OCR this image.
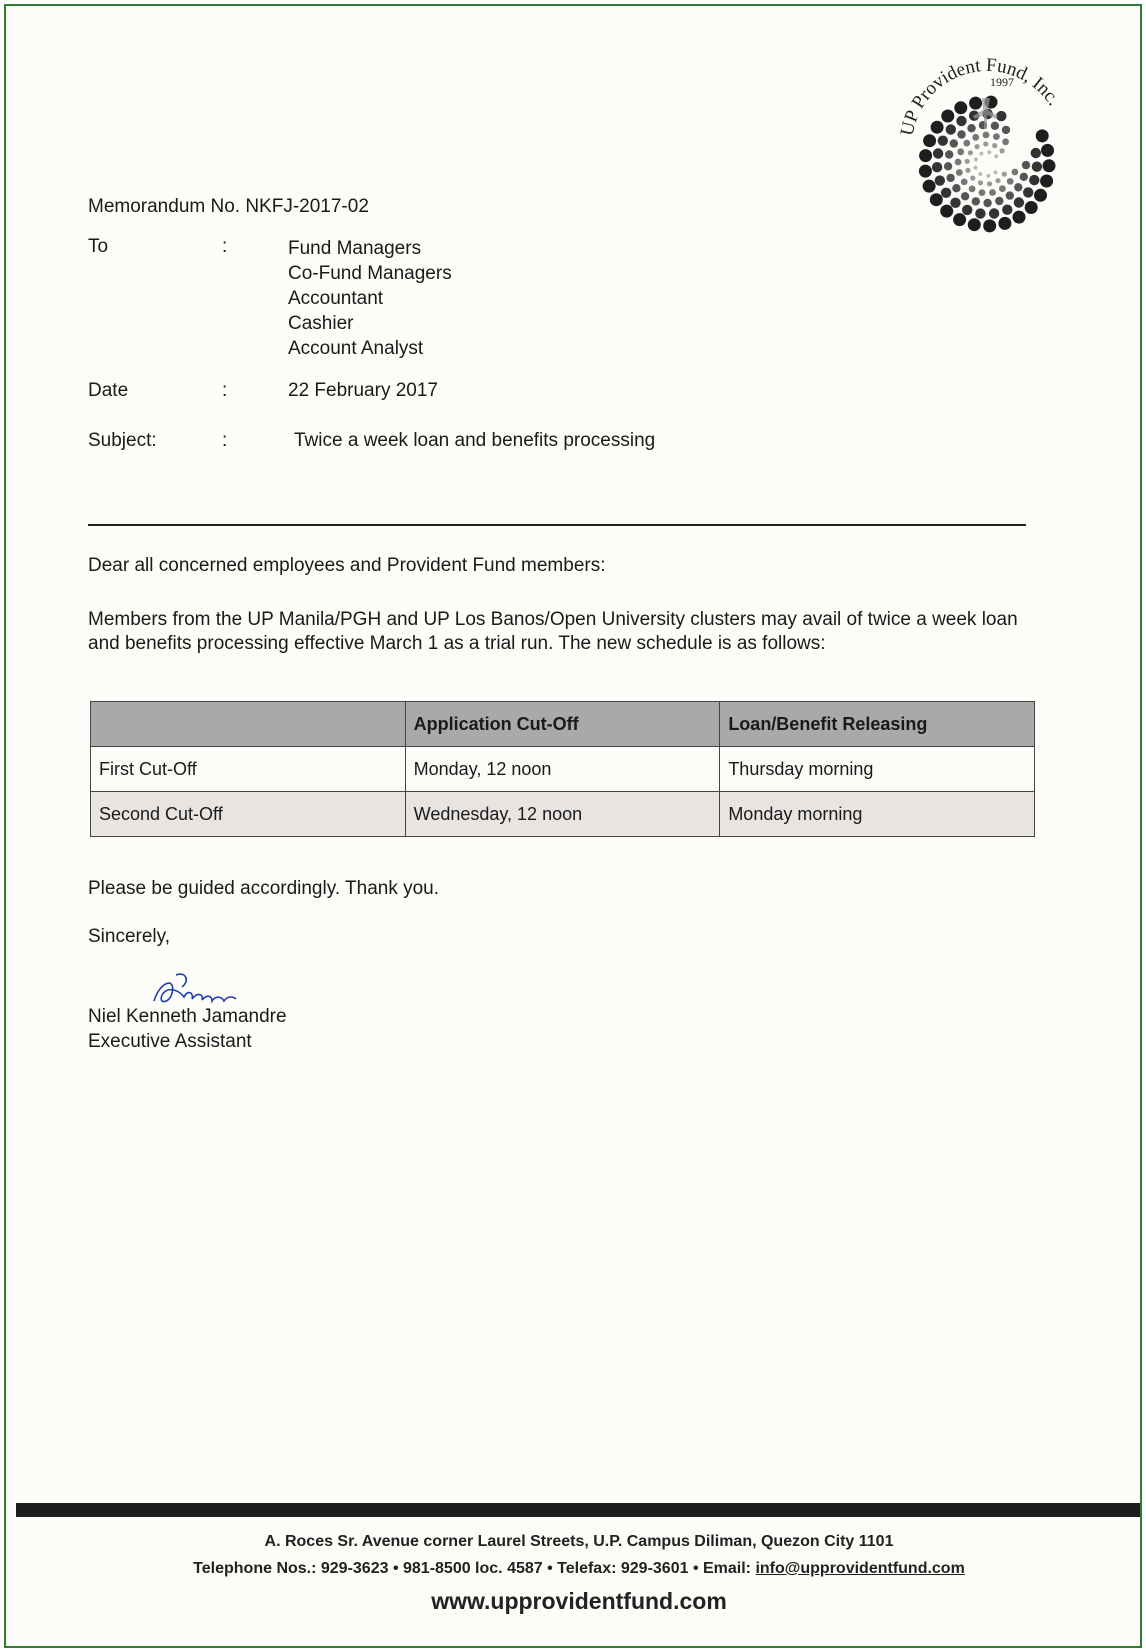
UP Provident Fund, Inc.
1997
Memorandum No. NKFJ-2017-02
To	:	Fund Managers
Co-Fund Managers
Accountant
Cashier
Account Analyst
Date	:	22 February 2017
Subject:	:	Twice a week loan and benefits processing
Dear all concerned employees and Provident Fund members:
Members from the UP Manila/PGH and UP Los Banos/Open University clusters may avail of twice a week loan and benefits processing effective March 1 as a trial run. The new schedule is as follows:
	Application Cut-Off	Loan/Benefit Releasing
First Cut-Off	Monday, 12 noon	Thursday morning
Second Cut-Off	Wednesday, 12 noon	Monday morning
Please be guided accordingly. Thank you.
Sincerely,
Niel Kenneth Jamandre
Executive Assistant
A. Roces Sr. Avenue corner Laurel Streets, U.P. Campus Diliman, Quezon City 1101
Telephone Nos.: 929-3623 • 981-8500 loc. 4587 • Telefax: 929-3601 • Email: info@upprovidentfund.com
www.upprovidentfund.com
